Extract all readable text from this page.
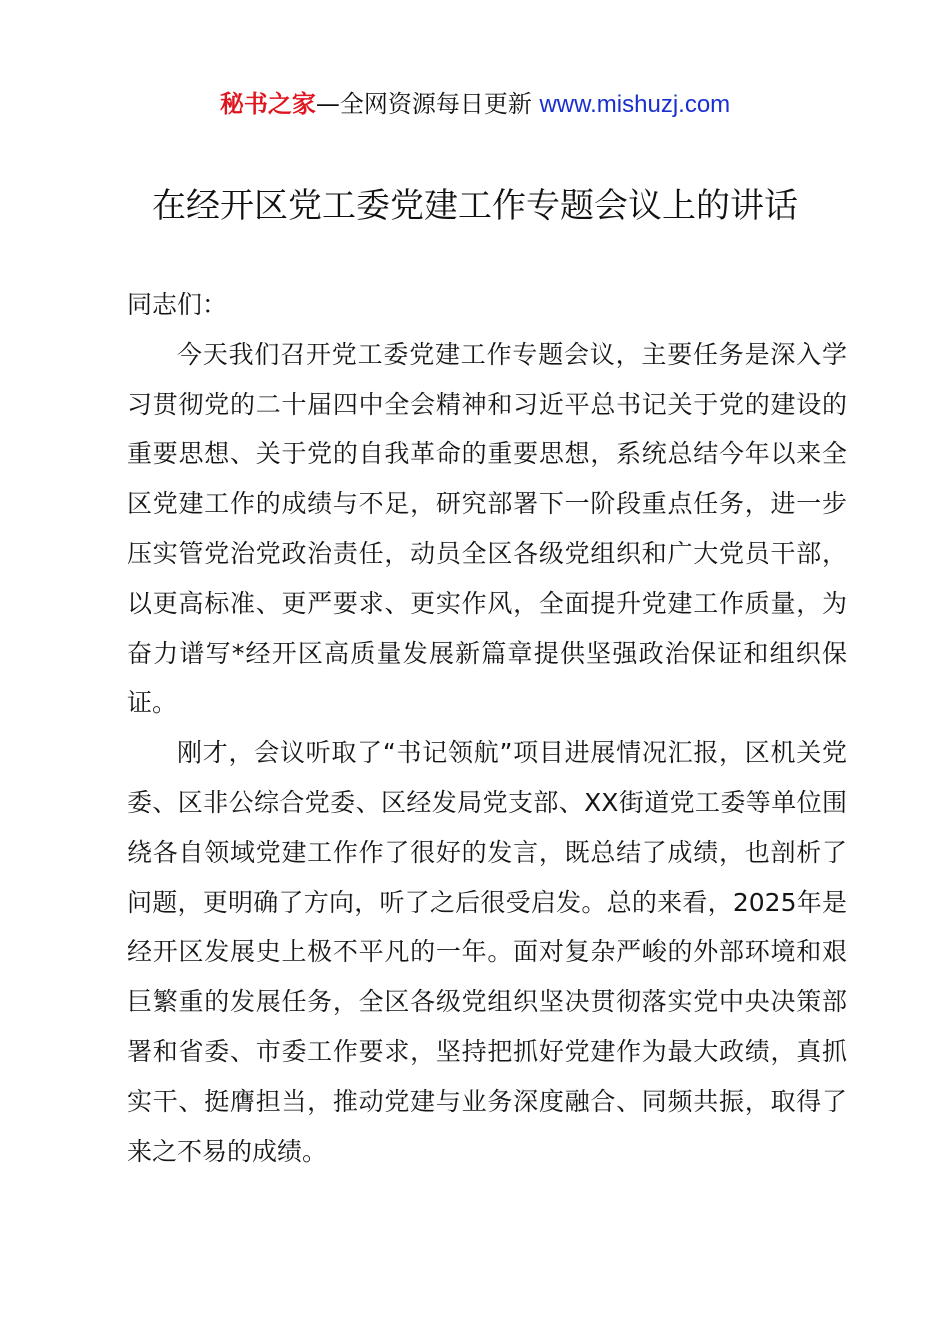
秘书之家—全网资源每日更新 www.mishuzj.com
在经开区党工委党建工作专题会议上的讲话

同志们：

今天我们召开党工委党建工作专题会议，主要任务是深入学习贯彻党的二十届四中全会精神和习近平总书记关于党的建设的重要思想、关于党的自我革命的重要思想，系统总结今年以来全区党建工作的成绩与不足，研究部署下一阶段重点任务，进一步压实管党治党政治责任，动员全区各级党组织和广大党员干部，以更高标准、更严要求、更实作风，全面提升党建工作质量，为奋力谱写*经开区高质量发展新篇章提供坚强政治保证和组织保证。

刚才，会议听取了“书记领航”项目进展情况汇报，区机关党委、区非公综合党委、区经发局党支部、XX街道党工委等单位围绕各自领域党建工作作了很好的发言，既总结了成绩，也剖析了问题，更明确了方向，听了之后很受启发。总的来看，2025年是经开区发展史上极不平凡的一年。面对复杂严峻的外部环境和艰巨繁重的发展任务，全区各级党组织坚决贯彻落实党中央决策部署和省委、市委工作要求，坚持把抓好党建作为最大政绩，真抓实干、挺膺担当，推动党建与业务深度融合、同频共振，取得了来之不易的成绩。
